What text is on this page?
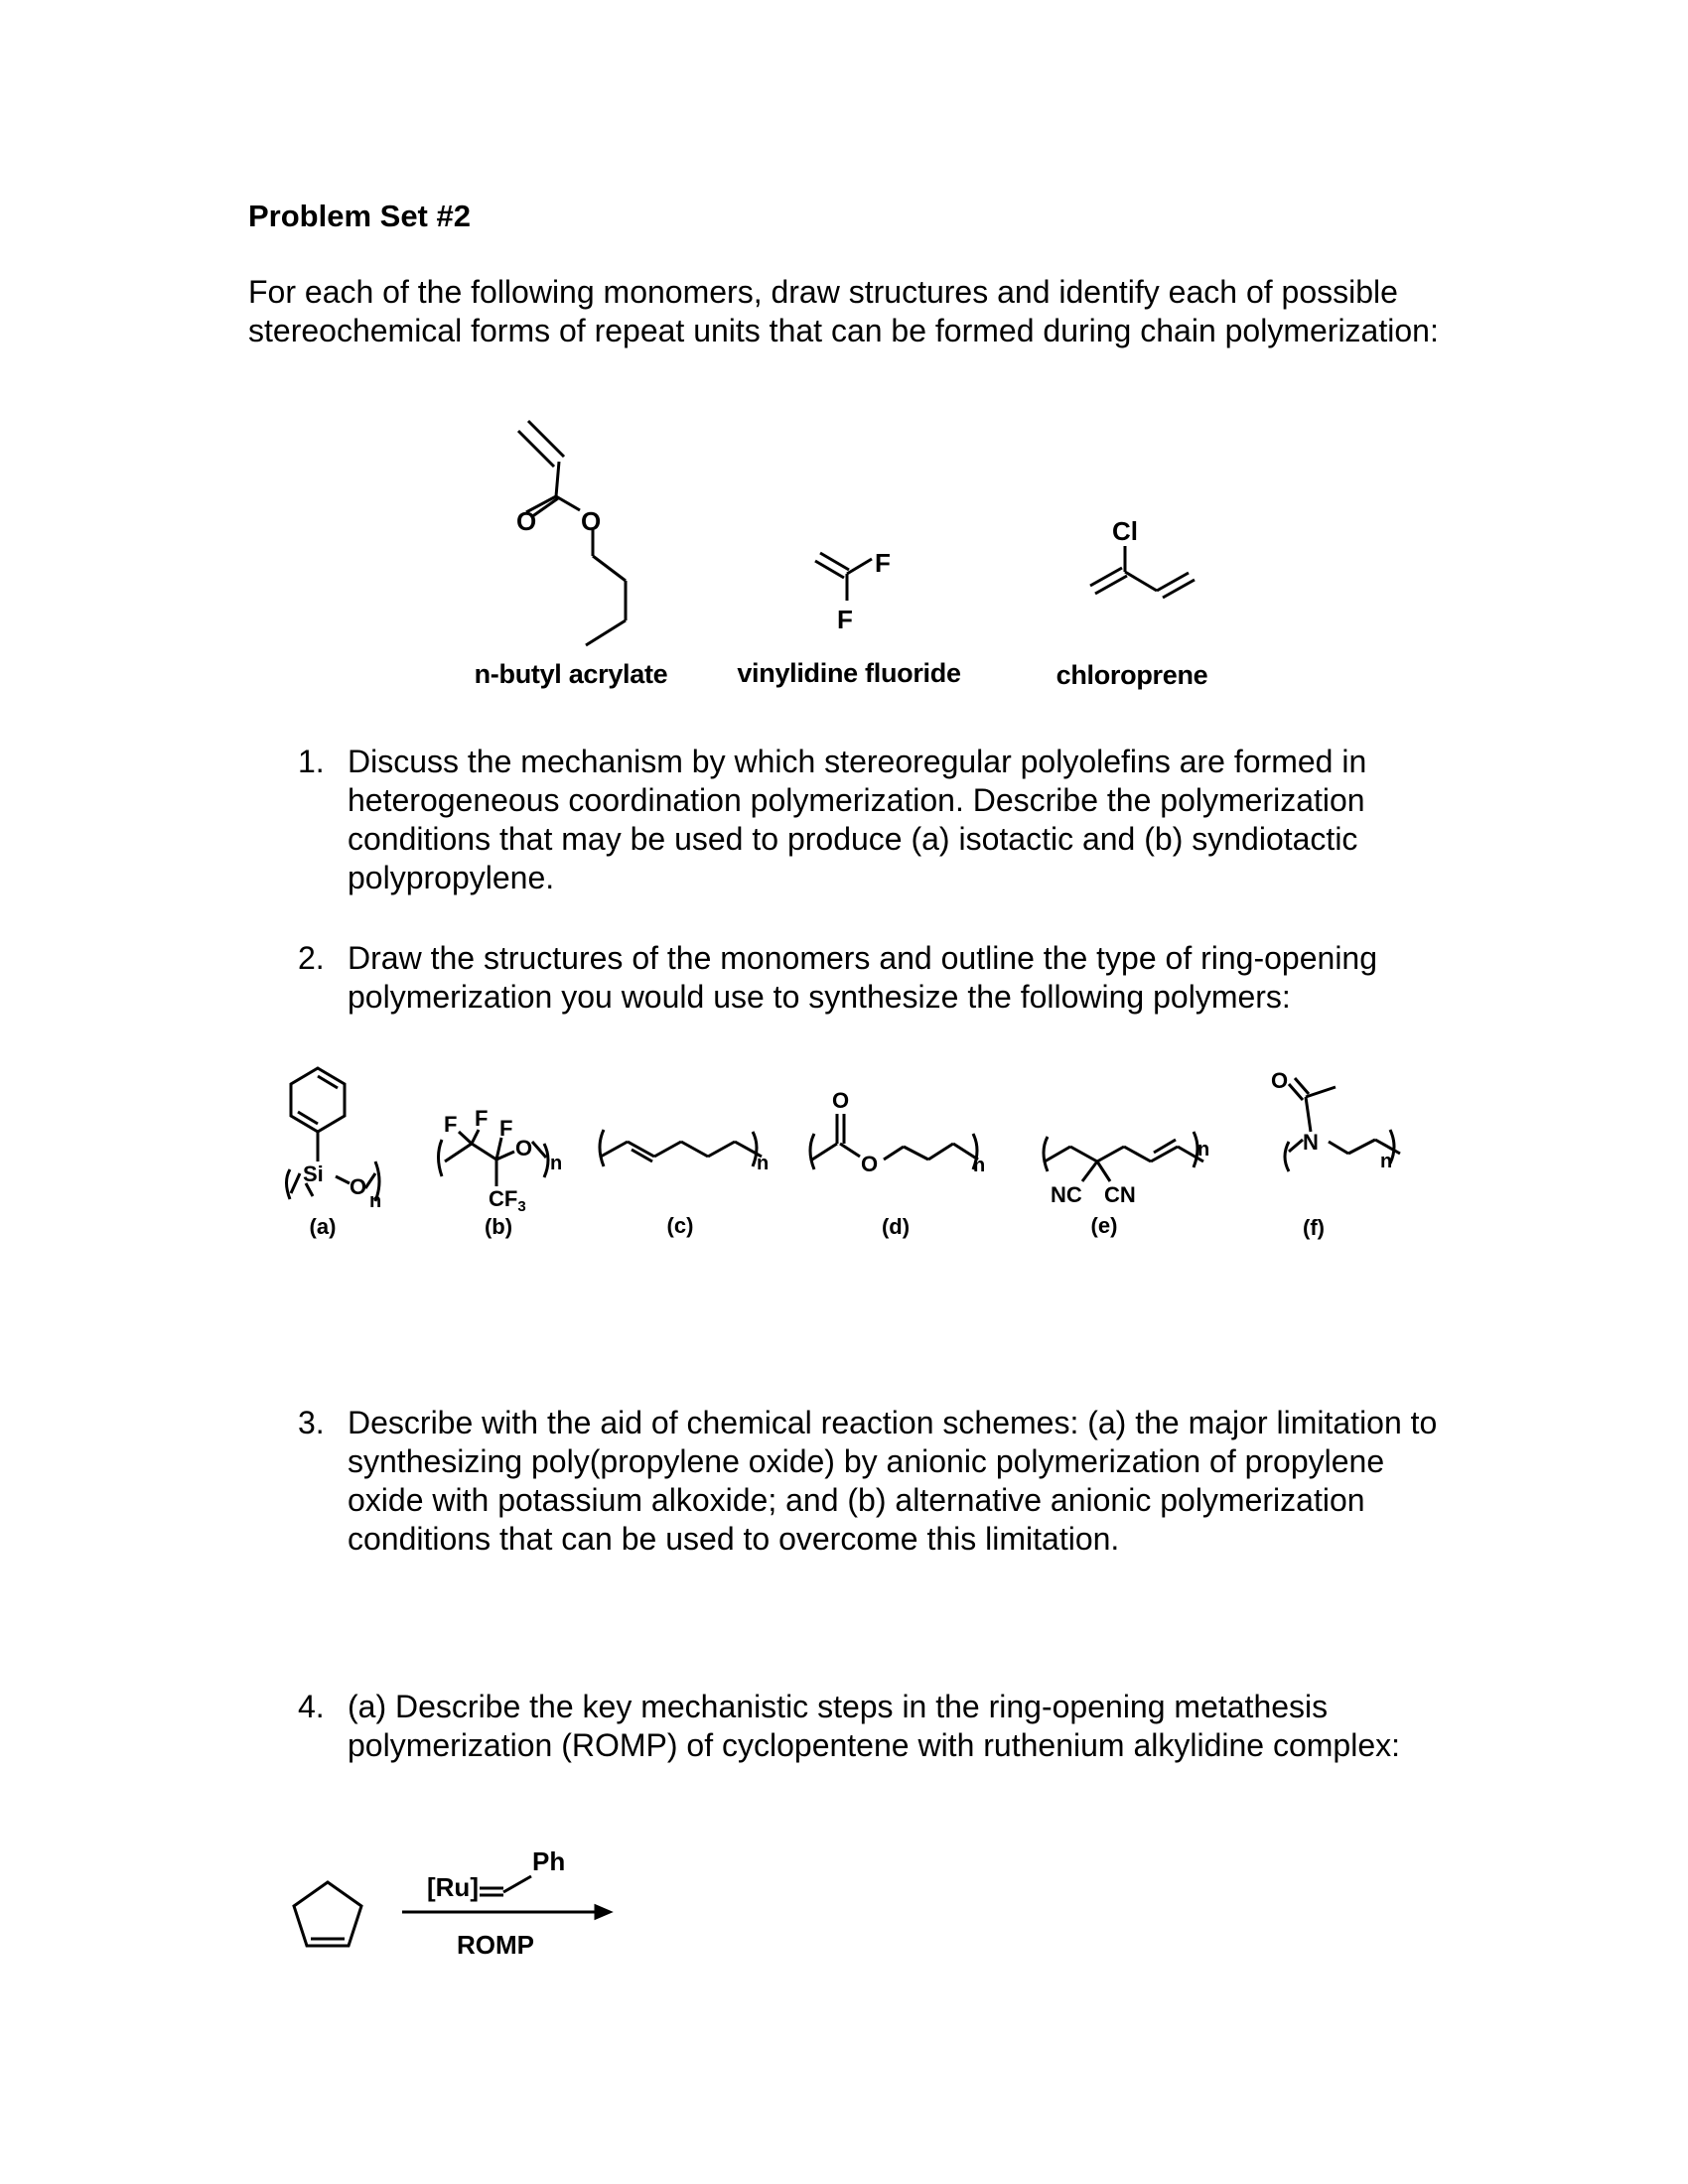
Problem Set #2
For each of the following monomers, draw structures and identify each of possible stereochemical forms of repeat units that can be formed during chain polymerization:
O O
F
F
Cl
n-butyl acrylate	vinylidine fluoride	chloroprene
1. Discuss the mechanism by which stereoregular polyolefins are formed in heterogeneous coordination polymerization. Describe the polymerization conditions that may be used to produce (a) isotactic and (b) syndiotactic polypropylene.
2. Draw the structures of the monomers and outline the type of ring-opening polymerization you would use to synthesize the following polymers:
Si
O
n
F F F
O
n
$CF_3$
n
O
O	n
NC CN
n
O
N
n
(a)	(b)	(c)	(d)	(e)	(f)
3. Describe with the aid of chemical reaction schemes: (a) the major limitation to synthesizing poly(propylene oxide) by anionic polymerization of propylene oxide with potassium alkoxide; and (b) alternative anionic polymerization conditions that can be used to overcome this limitation.
4. (a) Describe the key mechanistic steps in the ring-opening metathesis polymerization (ROMP) of cyclopentene with ruthenium alkylidine complex:
[Ru]
Ph
ROMP
